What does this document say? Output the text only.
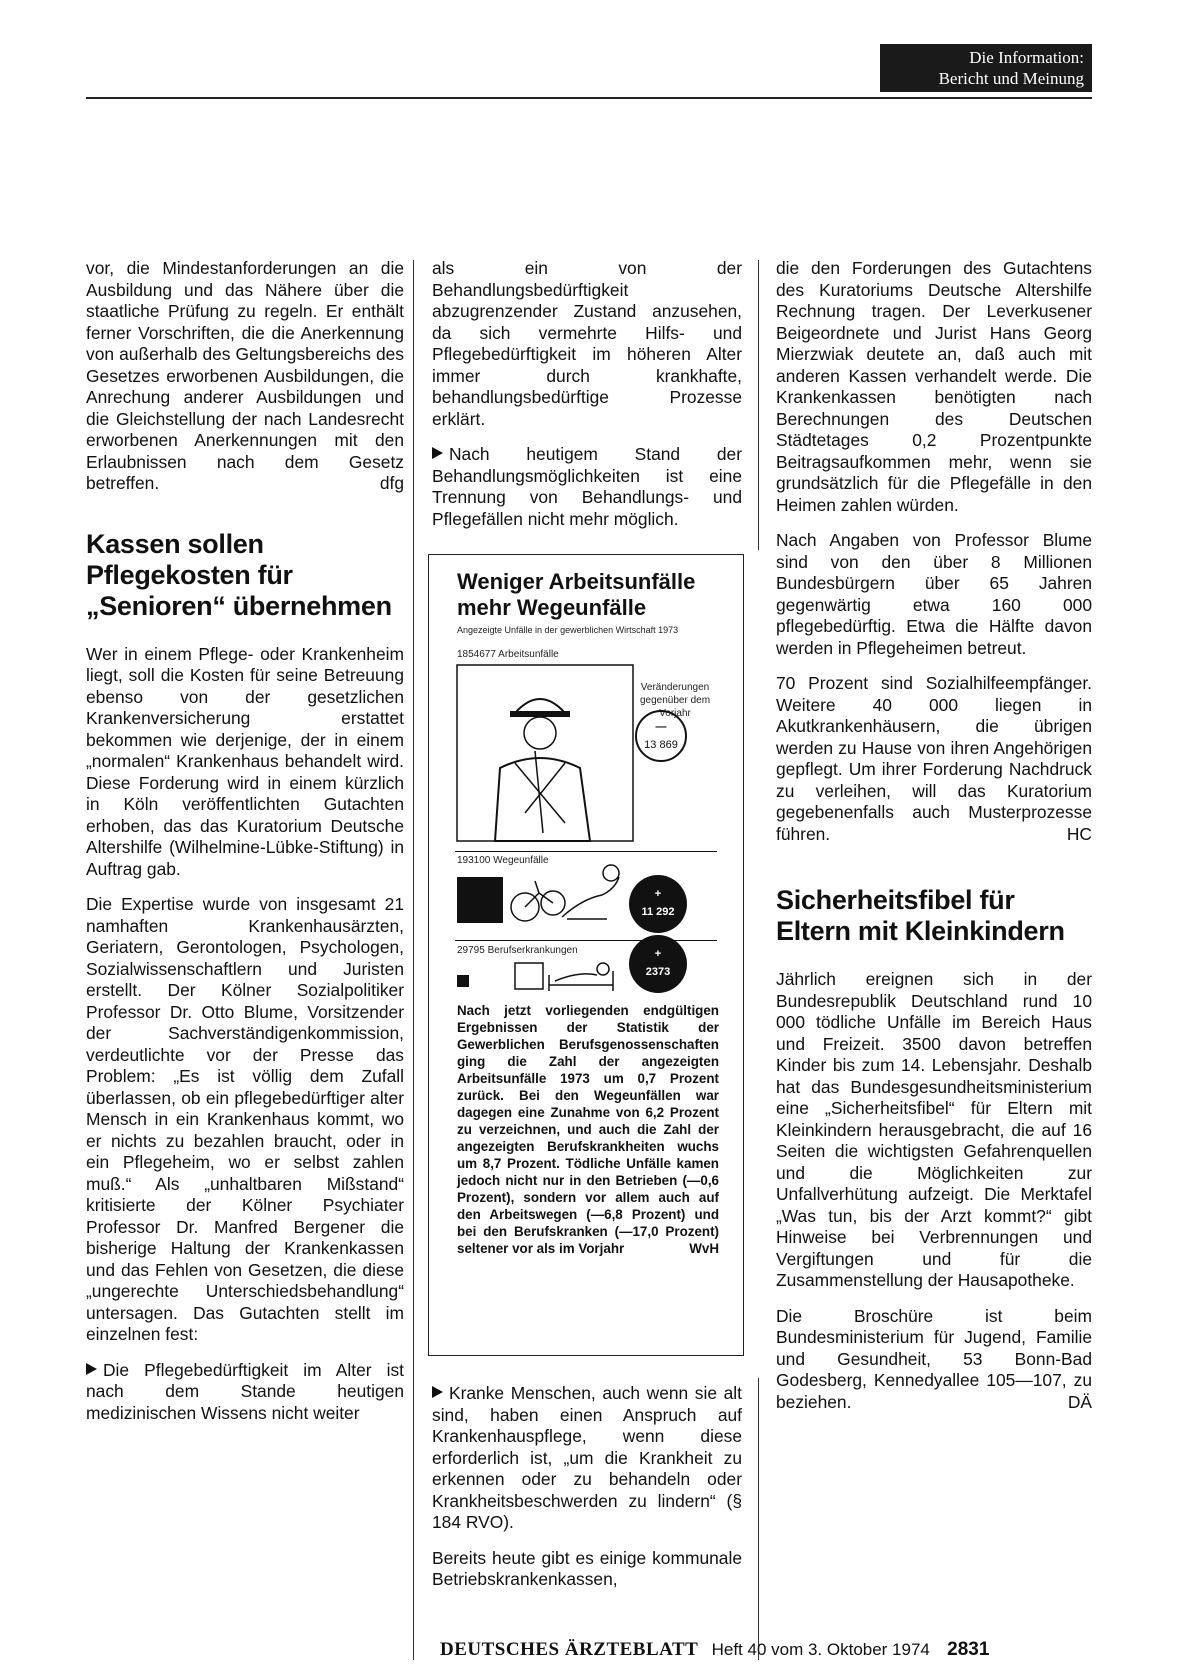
Die Information:
Bericht und Meinung

vor, die Mindestanforderungen an die Ausbildung und das Nähere über die staatliche Prüfung zu regeln. Er enthält ferner Vorschriften, die die Anerkennung von außerhalb des Geltungsbereichs des Gesetzes erworbenen Ausbildungen, die Anrechung anderer Ausbildungen und die Gleichstellung der nach Landesrecht erworbenen Anerkennungen mit den Erlaubnissen nach dem Gesetz betreffen.	dfg

Kassen sollen Pflegekosten für „Senioren“ übernehmen

Wer in einem Pflege- oder Krankenheim liegt, soll die Kosten für seine Betreuung ebenso von der gesetzlichen Krankenversicherung erstattet bekommen wie derjenige, der in einem „normalen“ Krankenhaus behandelt wird. Diese Forderung wird in einem kürzlich in Köln veröffentlichten Gutachten erhoben, das das Kuratorium Deutsche Altershilfe (Wilhelmine-Lübke-Stiftung) in Auftrag gab.

Die Expertise wurde von insgesamt 21 namhaften Krankenhausärzten, Geriatern, Gerontologen, Psychologen, Sozialwissenschaftlern und Juristen erstellt. Der Kölner Sozialpolitiker Professor Dr. Otto Blume, Vorsitzender der Sachverständigenkommission, verdeutlichte vor der Presse das Problem: „Es ist völlig dem Zufall überlassen, ob ein pflegebedürftiger alter Mensch in ein Krankenhaus kommt, wo er nichts zu bezahlen braucht, oder in ein Pflegeheim, wo er selbst zahlen muß.“ Als „unhaltbaren Mißstand“ kritisierte der Kölner Psychiater Professor Dr. Manfred Bergener die bisherige Haltung der Krankenkassen und das Fehlen von Gesetzen, die diese „ungerechte Unterschiedsbehandlung“ untersagen. Das Gutachten stellt im einzelnen fest:

Die Pflegebedürftigkeit im Alter ist nach dem Stande heutigen medizinischen Wissens nicht weiter

als ein von der Behandlungsbedürftigkeit abzugrenzender Zustand anzusehen, da sich vermehrte Hilfs- und Pflegebedürftigkeit im höheren Alter immer durch krankhafte, behandlungsbedürftige Prozesse erklärt.

Nach heutigem Stand der Behandlungsmöglichkeiten ist eine Trennung von Behandlungs- und Pflegefällen nicht mehr möglich.

Kranke Menschen, auch wenn sie alt sind, haben einen Anspruch auf Krankenhauspflege, wenn diese erforderlich ist, „um die Krankheit zu erkennen oder zu behandeln oder Krankheitsbeschwerden zu lindern“ (§ 184 RVO).

Bereits heute gibt es einige kommunale Betriebskrankenkassen,

Weniger Arbeitsunfälle
mehr Wegeunfälle
Angezeigte Unfälle in der gewerblichen Wirtschaft 1973
1854677 Arbeitsunfälle
Veränderungen gegenüber dem Vorjahr
—
13 869
193100 Wegeunfälle
+
11 292
29795 Berufserkrankungen	+
2373
Nach jetzt vorliegenden endgültigen Ergebnissen der Statistik der Gewerblichen Berufsgenossenschaften ging die Zahl der angezeigten Arbeitsunfälle 1973 um 0,7 Prozent zurück. Bei den Wegeunfällen war dagegen eine Zunahme von 6,2 Prozent zu verzeichnen, und auch die Zahl der angezeigten Berufskrankheiten wuchs um 8,7 Prozent. Tödliche Unfälle kamen jedoch nicht nur in den Betrieben (—0,6 Prozent), sondern vor allem auch auf den Arbeitswegen (—6,8 Prozent) und bei den Berufskranken (—17,0 Prozent) seltener vor als im Vorjahr	WvH

die den Forderungen des Gutachtens des Kuratoriums Deutsche Altershilfe Rechnung tragen. Der Leverkusener Beigeordnete und Jurist Hans Georg Mierzwiak deutete an, daß auch mit anderen Kassen verhandelt werde. Die Krankenkassen benötigten nach Berechnungen des Deutschen Städtetages 0,2 Prozentpunkte Beitragsaufkommen mehr, wenn sie grundsätzlich für die Pflegefälle in den Heimen zahlen würden.

Nach Angaben von Professor Blume sind von den über 8 Millionen Bundesbürgern über 65 Jahren gegenwärtig etwa 160 000 pflegebedürftig. Etwa die Hälfte davon werden in Pflegeheimen betreut.

70 Prozent sind Sozialhilfeempfänger. Weitere 40 000 liegen in Akutkrankenhäusern, die übrigen werden zu Hause von ihren Angehörigen gepflegt. Um ihrer Forderung Nachdruck zu verleihen, will das Kuratorium gegebenenfalls auch Musterprozesse führen.	HC

Sicherheitsfibel für Eltern mit Kleinkindern

Jährlich ereignen sich in der Bundesrepublik Deutschland rund 10 000 tödliche Unfälle im Bereich Haus und Freizeit. 3500 davon betreffen Kinder bis zum 14. Lebensjahr. Deshalb hat das Bundesgesundheitsministerium eine „Sicherheitsfibel“ für Eltern mit Kleinkindern herausgebracht, die auf 16 Seiten die wichtigsten Gefahrenquellen und die Möglichkeiten zur Unfallverhütung aufzeigt. Die Merktafel „Was tun, bis der Arzt kommt?“ gibt Hinweise bei Verbrennungen und Vergiftungen und für die Zusammenstellung der Hausapotheke.

Die Broschüre ist beim Bundesministerium für Jugend, Familie und Gesundheit, 53 Bonn-Bad Godesberg, Kennedyallee 105—107, zu beziehen.	DÄ

DEUTSCHES ÄRZTEBLATT Heft 40 vom 3. Oktober 1974 2831
